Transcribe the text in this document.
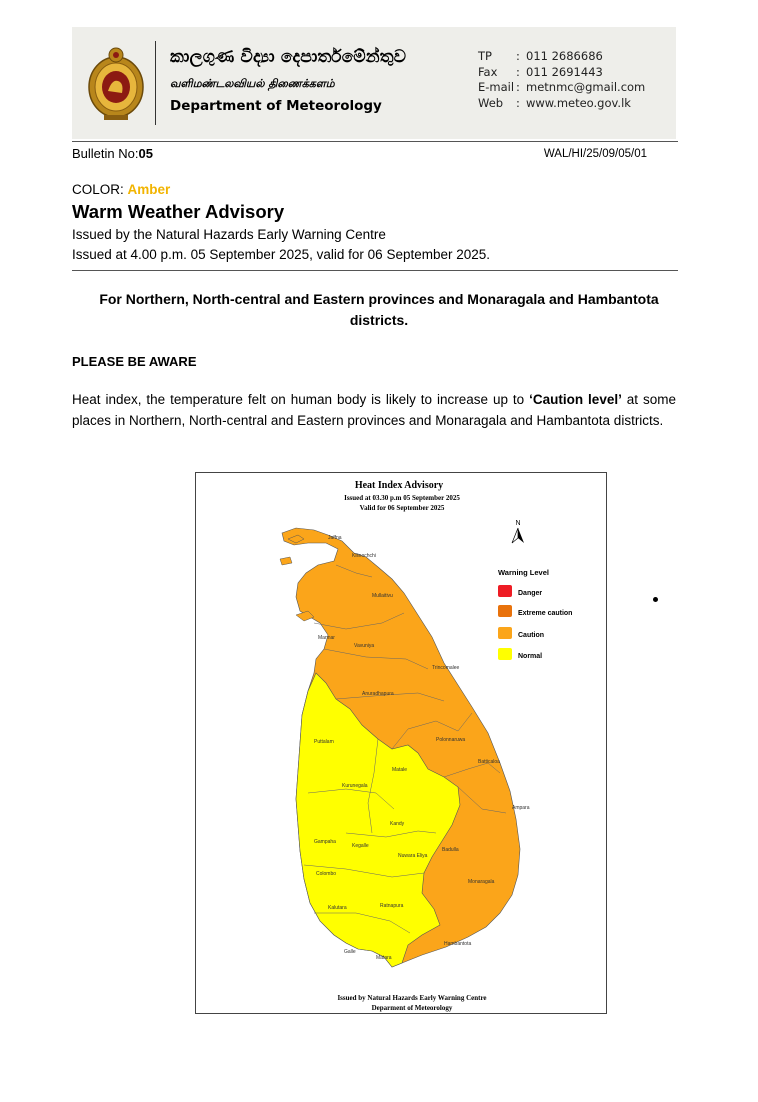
කාලගුණ විද්‍යා දෙපාර්තමේන්තුව
வளிமண்டலவியல் திணைக்களம்
Department of Meteorology
TP : 011 2686686
Fax : 011 2691443
E-mail : metnmc@gmail.com
Web : www.meteo.gov.lk
Bulletin No:05	WAL/HI/25/09/05/01
COLOR: Amber
Warm Weather Advisory
Issued by the Natural Hazards Early Warning Centre
Issued at 4.00 p.m. 05 September 2025, valid for 06 September 2025.
For Northern, North-central and Eastern provinces and Monaragala and Hambantota districts.
PLEASE BE AWARE
Heat index, the temperature felt on human body is likely to increase up to ‘Caution level’ at some places in Northern, North-central and Eastern provinces and Monaragala and Hambantota districts.
Heat Index Advisory
Issued at 03.30 p.m 05 September 2025
Valid for 06 September 2025
N
Jaffna
Kilinochchi
Mullaitivu
Mannar
Vavuniya
Trincomalee
Anuradhapura
Puttalam	Polonnaruwa
Batticaloa
Kurunegala
Matale
Ampara
Kandy
Gampaha
Kegalle
Nuwara Eliya
Badulla
Colombo
Monaragala
Kalutara	Ratnapura
Hambantota
Galle
Matara
Warning Level
Danger
Extreme caution
Caution
Normal
Issued by Natural Hazards Early Warning Centre
Deparment of Meteorology
